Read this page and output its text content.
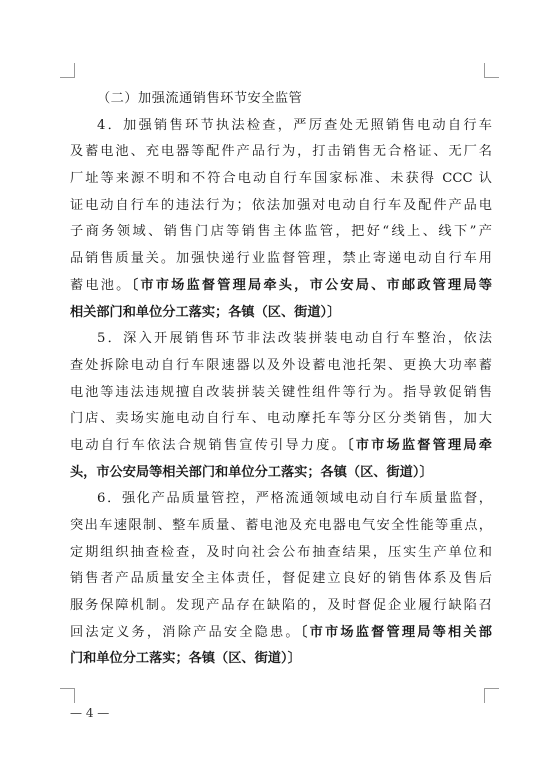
（二）加强流通销售环节安全监管
4．加强销售环节执法检查，严厉查处无照销售电动自行车
及蓄电池、充电器等配件产品行为，打击销售无合格证、无厂名
厂址等来源不明和不符合电动自行车国家标准、未获得 CCC 认
证电动自行车的违法行为；依法加强对电动自行车及配件产品电
子商务领域、销售门店等销售主体监管，把好“线上、线下”产
品销售质量关。加强快递行业监督管理，禁止寄递电动自行车用
蓄电池。〔市市场监督管理局牵头，市公安局、市邮政管理局等
相关部门和单位分工落实；各镇（区、街道）〕
5．深入开展销售环节非法改装拼装电动自行车整治，依法
查处拆除电动自行车限速器以及外设蓄电池托架、更换大功率蓄
电池等违法违规擅自改装拼装关键性组件等行为。指导敦促销售
门店、卖场实施电动自行车、电动摩托车等分区分类销售，加大
电动自行车依法合规销售宣传引导力度。〔市市场监督管理局牵
头，市公安局等相关部门和单位分工落实；各镇（区、街道）〕
6．强化产品质量管控，严格流通领域电动自行车质量监督，
突出车速限制、整车质量、蓄电池及充电器电气安全性能等重点，
定期组织抽查检查，及时向社会公布抽查结果，压实生产单位和
销售者产品质量安全主体责任，督促建立良好的销售体系及售后
服务保障机制。发现产品存在缺陷的，及时督促企业履行缺陷召
回法定义务，消除产品安全隐患。〔市市场监督管理局等相关部
门和单位分工落实；各镇（区、街道）〕
— 4 —
